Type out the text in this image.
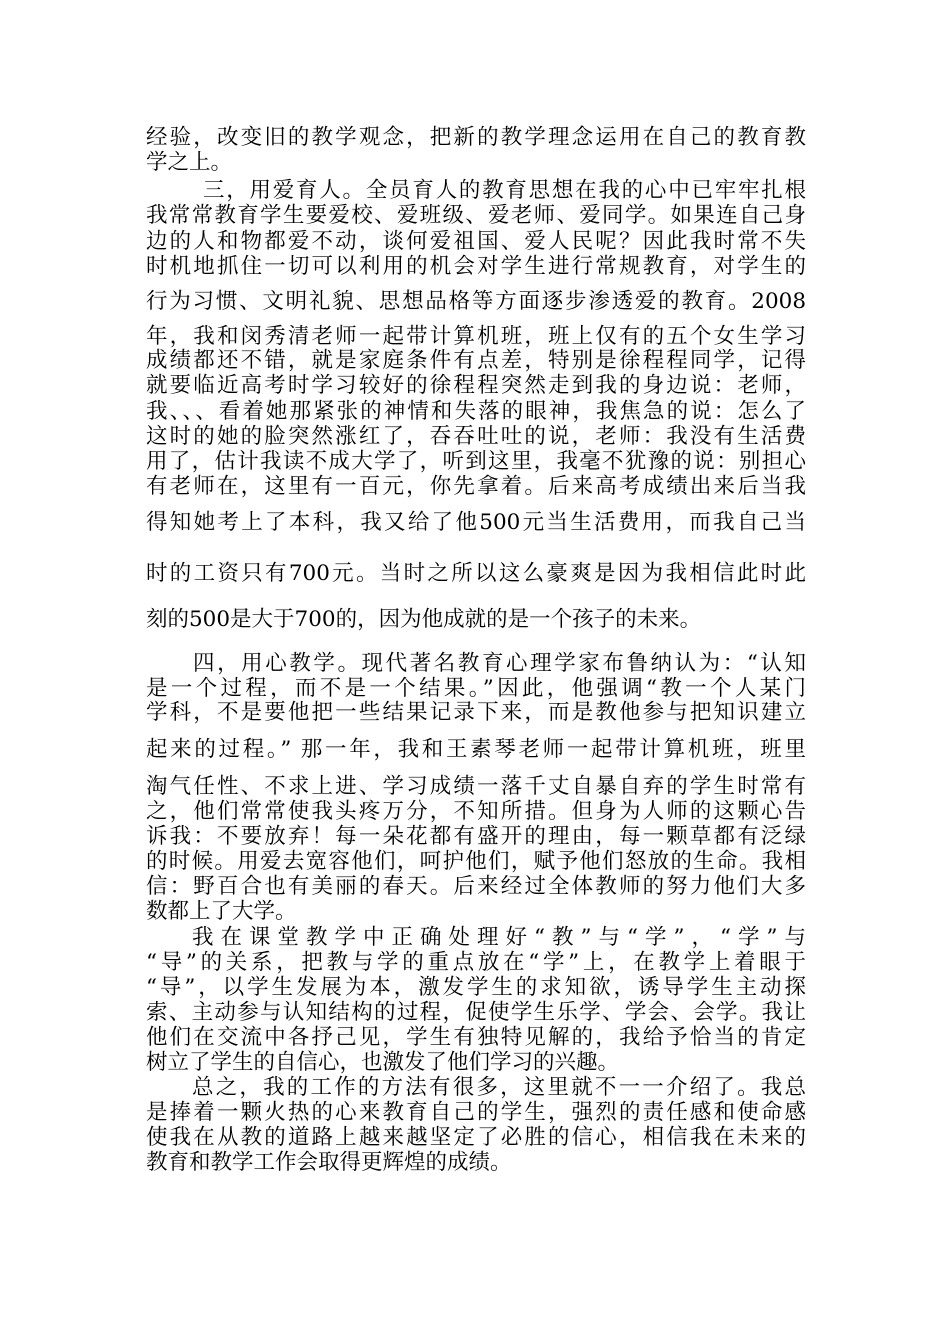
经验，改变旧的教学观念，把新的教学理念运用在自己的教育教
学之上。
三，用爱育人。全员育人的教育思想在我的心中已牢牢扎根
我常常教育学生要爱校、爱班级、爱老师、爱同学。如果连自己身
边的人和物都爱不动，谈何爱祖国、爱人民呢？因此我时常不失
时机地抓住一切可以利用的机会对学生进行常规教育，对学生的
行为习惯、文明礼貌、思想品格等方面逐步渗透爱的教育。2008
年，我和闵秀清老师一起带计算机班，班上仅有的五个女生学习
成绩都还不错，就是家庭条件有点差，特别是徐程程同学，记得
就要临近高考时学习较好的徐程程突然走到我的身边说：老师，
我、、、看着她那紧张的神情和失落的眼神，我焦急的说：怎么了
这时的她的脸突然涨红了，吞吞吐吐的说，老师：我没有生活费
用了，估计我读不成大学了，听到这里，我毫不犹豫的说：别担心
有老师在，这里有一百元，你先拿着。后来高考成绩出来后当我
得知她考上了本科，我又给了他500元当生活费用，而我自己当
时的工资只有700元。当时之所以这么豪爽是因为我相信此时此
刻的500是大于700的，因为他成就的是一个孩子的未来。
四，用心教学。现代著名教育心理学家布鲁纳认为：“认知
是一个过程，而不是一个结果。”因此，他强调“教一个人某门
学科，不是要他把一些结果记录下来，而是教他参与把知识建立
起来的过程。” 那一年，我和王素琴老师一起带计算机班，班里
淘气任性、不求上进、学习成绩一落千丈自暴自弃的学生时常有
之，他们常常使我头疼万分，不知所措。但身为人师的这颗心告
诉我：不要放弃！每一朵花都有盛开的理由，每一颗草都有泛绿
的时候。用爱去宽容他们，呵护他们，赋予他们怒放的生命。我相
信：野百合也有美丽的春天。后来经过全体教师的努力他们大多
数都上了大学。
我在课堂教学中正确处理好“教”与“学”，“学”与
“导”的关系，把教与学的重点放在“学”上，在教学上着眼于
“导”，以学生发展为本，激发学生的求知欲，诱导学生主动探
索、主动参与认知结构的过程，促使学生乐学、学会、会学。我让
他们在交流中各抒己见，学生有独特见解的，我给予恰当的肯定
树立了学生的自信心，也激发了他们学习的兴趣。
总之，我的工作的方法有很多，这里就不一一介绍了。我总
是捧着一颗火热的心来教育自己的学生，强烈的责任感和使命感
使我在从教的道路上越来越坚定了必胜的信心，相信我在未来的
教育和教学工作会取得更辉煌的成绩。
